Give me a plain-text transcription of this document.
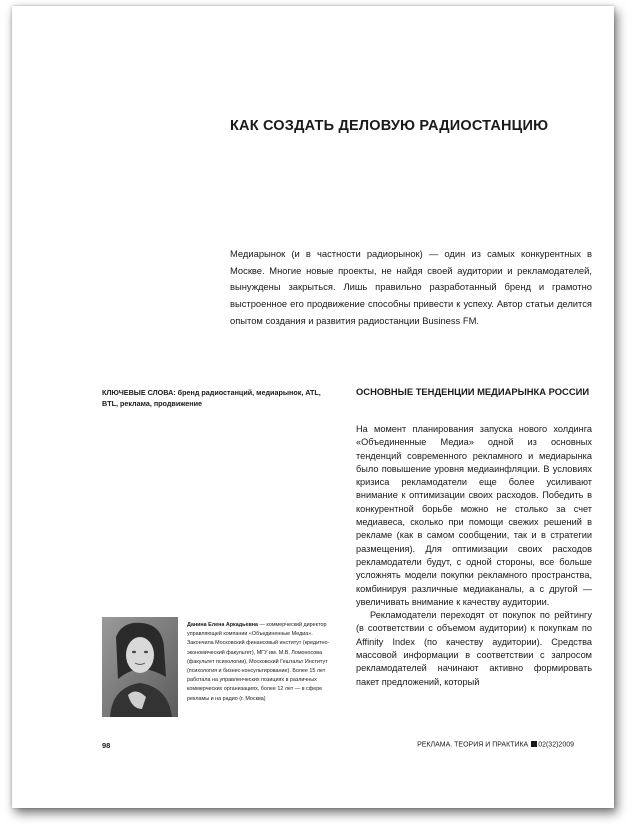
КАК СОЗДАТЬ ДЕЛОВУЮ РАДИОСТАНЦИЮ
Медиарынок (и в частности радиорынок) — один из самых конкурентных в Москве. Многие новые проекты, не найдя своей аудитории и рекламодателей, вынуждены закрыться. Лишь правильно разработанный бренд и грамотно выстроенное его продвижение способны привести к успеху. Автор статьи делится опытом создания и развития радиостанции Business FM.
КЛЮЧЕВЫЕ СЛОВА: бренд радиостанций, медиарынок, ATL, BTL, реклама, продвижение
ОСНОВНЫЕ ТЕНДЕНЦИИ МЕДИАРЫНКА РОССИИ

На момент планирования запуска нового холдинга «Объединенные Медиа» одной из основных тенденций современного рекламного и медиарынка было повышение уровня медиаинфляции. В условиях кризиса рекламодатели еще более усиливают внимание к оптимизации своих расходов. Победить в конкурентной борьбе можно не столько за счет медиавеса, сколько при помощи свежих решений в рекламе (как в самом сообщении, так и в стратегии размещения). Для оптимизации своих расходов рекламодатели будут, с одной стороны, все больше усложнять модели покупки рекламного пространства, комбинируя различные медиаканалы, а с другой — увеличивать внимание к качеству аудитории.

Рекламодатели переходят от покупок по рейтингу (в соответствии с объемом аудитории) к покупкам по Affinity Index (по качеству аудитории). Средства массовой информации в соответствии с запросом рекламодателей начинают активно формировать пакет предложений, который

Данина Елена Аркадьевна — коммерческий директор управляющей компании «Объединенные Медиа». Закончила Московский финансовый институт (кредитно-экономический факультет), МГУ им. М.В. Ломоносова (факультет психологии), Московский Гештальт Институт (психология и бизнес-консультирование). Более 15 лет работала на управленческих позициях в различных коммерческих организациях, более 12 лет — в сфере рекламы и на радио (г. Москва)
98	РЕКЛАМА. ТЕОРИЯ И ПРАКТИКА 02(32)2009
